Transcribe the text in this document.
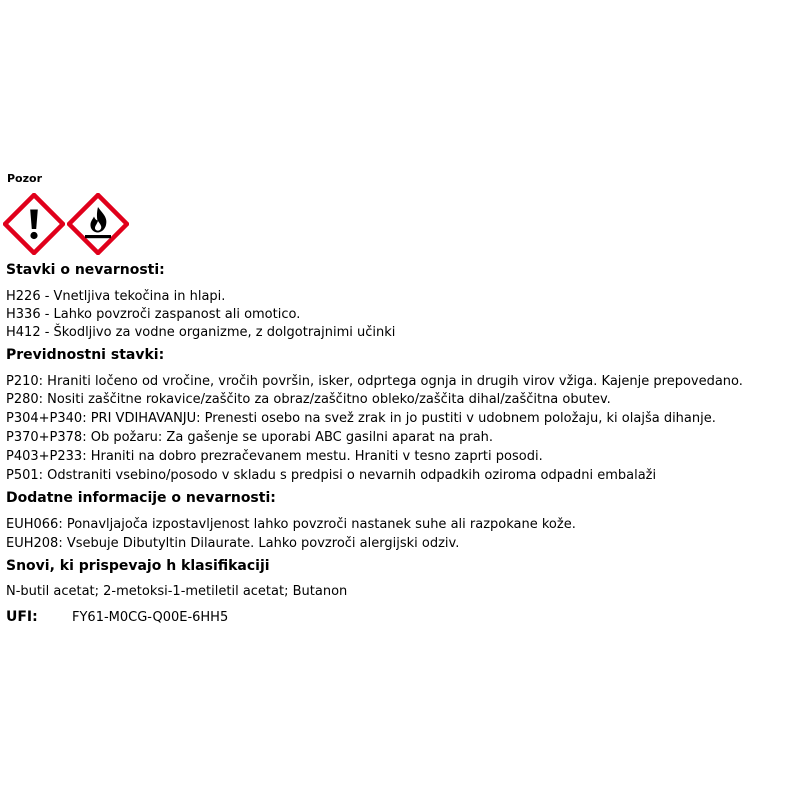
Pozor
Stavki o nevarnosti:
H226 - Vnetljiva tekočina in hlapi.
H336 - Lahko povzroči zaspanost ali omotico.
H412 - Škodljivo za vodne organizme, z dolgotrajnimi učinki
Previdnostni stavki:
P210: Hraniti ločeno od vročine, vročih površin, isker, odprtega ognja in drugih virov vžiga. Kajenje prepovedano.
P280: Nositi zaščitne rokavice/zaščito za obraz/zaščitno obleko/zaščita dihal/zaščitna obutev.
P304+P340: PRI VDIHAVANJU: Prenesti osebo na svež zrak in jo pustiti v udobnem položaju, ki olajša dihanje.
P370+P378: Ob požaru: Za gašenje se uporabi ABC gasilni aparat na prah.
P403+P233: Hraniti na dobro prezračevanem mestu. Hraniti v tesno zaprti posodi.
P501: Odstraniti vsebino/posodo v skladu s predpisi o nevarnih odpadkih oziroma odpadni embalaži
Dodatne informacije o nevarnosti:
EUH066: Ponavljajoča izpostavljenost lahko povzroči nastanek suhe ali razpokane kože.
EUH208: Vsebuje Dibutyltin Dilaurate. Lahko povzroči alergijski odziv.
Snovi, ki prispevajo h klasifikaciji
N-butil acetat; 2-metoksi-1-metiletil acetat; Butanon
UFI:	FY61-M0CG-Q00E-6HH5
